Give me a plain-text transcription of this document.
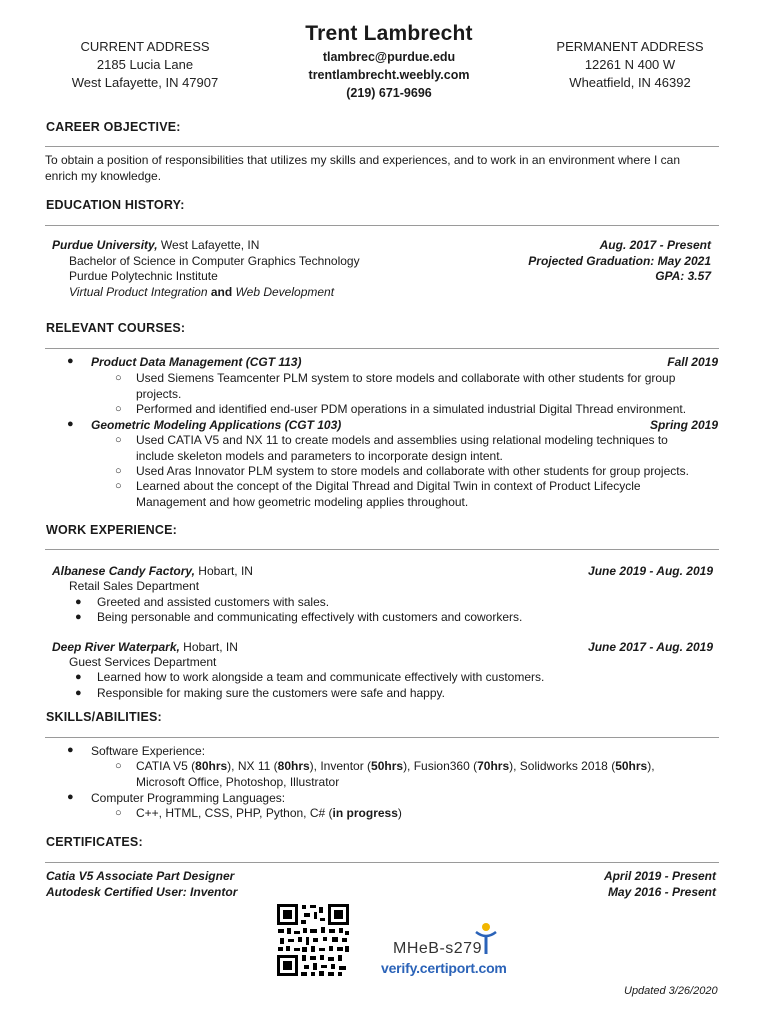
CURRENT ADDRESS
2185 Lucia Lane
West Lafayette, IN 47907
Trent Lambrecht
tlambrec@purdue.edu
trentlambrecht.weebly.com
(219) 671-9696
PERMANENT ADDRESS
12261 N 400 W
Wheatfield, IN 46392
CAREER OBJECTIVE:
To obtain a position of responsibilities that utilizes my skills and experiences, and to work in an environment where I can
enrich my knowledge.
EDUCATION HISTORY:
Purdue University, West Lafayette, IN	Aug. 2017 - Present
Bachelor of Science in Computer Graphics Technology	Projected Graduation: May 2021
Purdue Polytechnic Institute	GPA: 3.57
Virtual Product Integration and Web Development
RELEVANT COURSES:
● Product Data Management (CGT 113)	Fall 2019
○ Used Siemens Teamcenter PLM system to store models and collaborate with other students for group
projects.
○ Performed and identified end-user PDM operations in a simulated industrial Digital Thread environment.
● Geometric Modeling Applications (CGT 103)	Spring 2019
○ Used CATIA V5 and NX 11 to create models and assemblies using relational modeling techniques to
include skeleton models and parameters to incorporate design intent.
○ Used Aras Innovator PLM system to store models and collaborate with other students for group projects.
○ Learned about the concept of the Digital Thread and Digital Twin in context of Product Lifecycle
Management and how geometric modeling applies throughout.
WORK EXPERIENCE:
Albanese Candy Factory, Hobart, IN	June 2019 - Aug. 2019
Retail Sales Department
● Greeted and assisted customers with sales.
● Being personable and communicating effectively with customers and coworkers.
Deep River Waterpark, Hobart, IN	June 2017 - Aug. 2019
Guest Services Department
● Learned how to work alongside a team and communicate effectively with customers.
● Responsible for making sure the customers were safe and happy.
SKILLS/ABILITIES:
● Software Experience:
○ CATIA V5 (80hrs), NX 11 (80hrs), Inventor (50hrs), Fusion360 (70hrs), Solidworks 2018 (50hrs),
Microsoft Office, Photoshop, Illustrator
● Computer Programming Languages:
○ C++, HTML, CSS, PHP, Python, C# (in progress)
CERTIFICATES:
Catia V5 Associate Part Designer	April 2019 - Present
Autodesk Certified User: Inventor	May 2016 - Present
MHeB-s279
verify.certiport.com
Updated 3/26/2020
